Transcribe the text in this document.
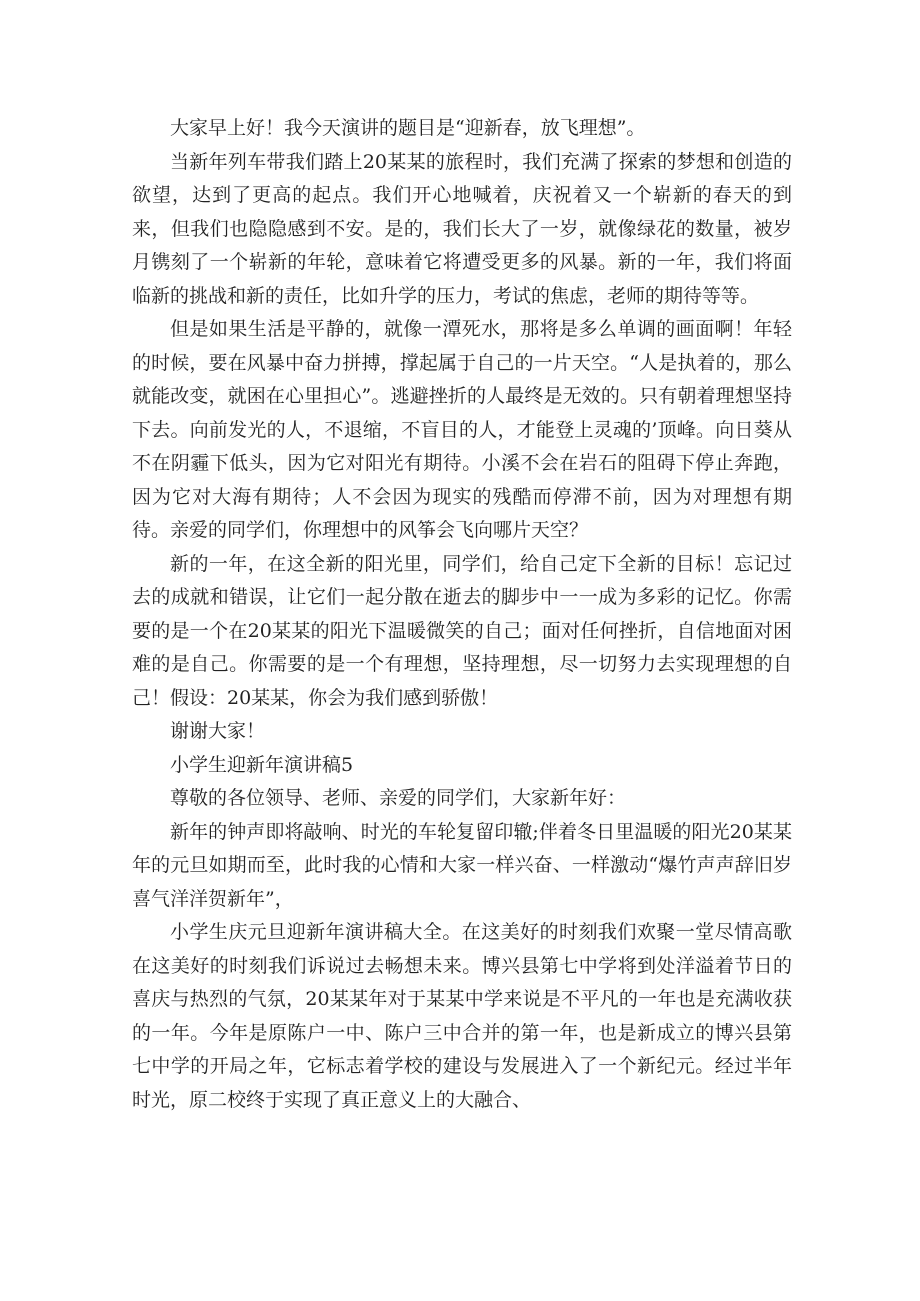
大家早上好！我今天演讲的题目是“迎新春，放飞理想”。

当新年列车带我们踏上20某某的旅程时，我们充满了探索的梦想和创造的欲望，达到了更高的起点。我们开心地喊着，庆祝着又一个崭新的春天的到来，但我们也隐隐感到不安。是的，我们长大了一岁，就像绿花的数量，被岁月镌刻了一个崭新的年轮，意味着它将遭受更多的风暴。新的一年，我们将面临新的挑战和新的责任，比如升学的压力，考试的焦虑，老师的期待等等。

但是如果生活是平静的，就像一潭死水，那将是多么单调的画面啊！年轻的时候，要在风暴中奋力拼搏，撑起属于自己的一片天空。“人是执着的，那么就能改变，就困在心里担心”。逃避挫折的人最终是无效的。只有朝着理想坚持下去。向前发光的人，不退缩，不盲目的人，才能登上灵魂的’顶峰。向日葵从不在阴霾下低头，因为它对阳光有期待。小溪不会在岩石的阻碍下停止奔跑，因为它对大海有期待；人不会因为现实的残酷而停滞不前，因为对理想有期待。亲爱的同学们，你理想中的风筝会飞向哪片天空？

新的一年，在这全新的阳光里，同学们，给自己定下全新的目标！忘记过去的成就和错误，让它们一起分散在逝去的脚步中一一成为多彩的记忆。你需要的是一个在20某某的阳光下温暖微笑的自己；面对任何挫折，自信地面对困难的是自己。你需要的是一个有理想，坚持理想，尽一切努力去实现理想的自己！假设：20某某，你会为我们感到骄傲！

谢谢大家！

小学生迎新年演讲稿5

尊敬的各位领导、老师、亲爱的同学们，大家新年好：

新年的钟声即将敲响、时光的车轮复留印辙;伴着冬日里温暖的阳光20某某年的元旦如期而至，此时我的心情和大家一样兴奋、一样激动“爆竹声声辞旧岁喜气洋洋贺新年”，

小学生庆元旦迎新年演讲稿大全。在这美好的时刻我们欢聚一堂尽情高歌在这美好的时刻我们诉说过去畅想未来。博兴县第七中学将到处洋溢着节日的喜庆与热烈的气氛，20某某年对于某某中学来说是不平凡的一年也是充满收获的一年。今年是原陈户一中、陈户三中合并的第一年，也是新成立的博兴县第七中学的开局之年，它标志着学校的建设与发展进入了一个新纪元。经过半年时光，原二校终于实现了真正意义上的大融合、
